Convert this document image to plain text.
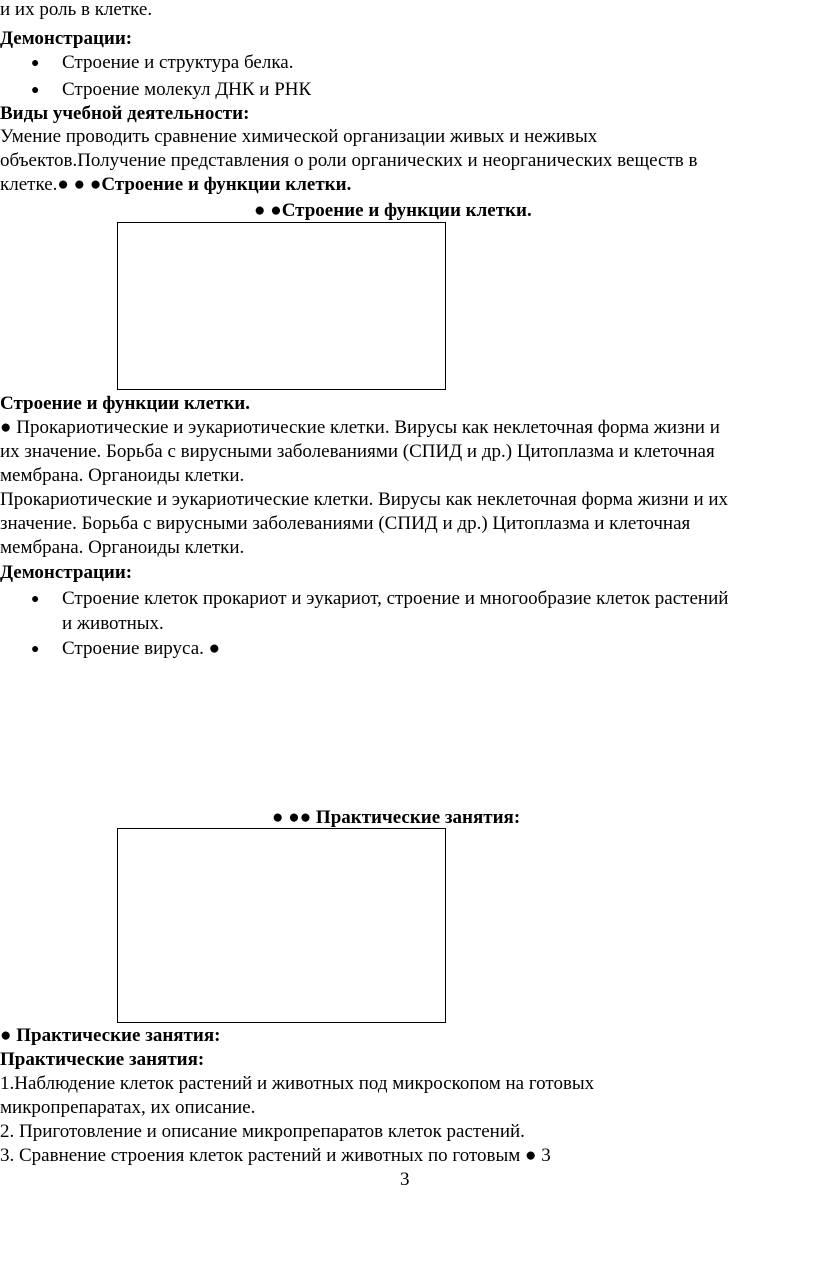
и их роль в клетке.
Демонстрации:
● Строение и структура белка.
● Строение молекул ДНК и РНК
Виды учебной деятельности:
Умение проводить сравнение химической организации живых и неживых
объектов.Получение представления о роли органических и неорганических веществ в
клетке.● ● ●Строение и функции клетки.
● ●Строение и функции клетки.
Строение и функции клетки.
● Прокариотические и эукариотические клетки. Вирусы как неклеточная форма жизни и
их значение. Борьба с вирусными заболеваниями (СПИД и др.) Цитоплазма и клеточная
мембрана. Органоиды клетки.
Прокариотические и эукариотические клетки. Вирусы как неклеточная форма жизни и их
значение. Борьба с вирусными заболеваниями (СПИД и др.) Цитоплазма и клеточная
мембрана. Органоиды клетки.
Демонстрации:
● Строение клеток прокариот и эукариот, строение и многообразие клеток растений
и животных.
● Строение вируса. ●
● ●● Практические занятия:
● Практические занятия:
Практические занятия:
1.Наблюдение клеток растений и животных под микроскопом на готовых
микропрепаратах, их описание.
2. Приготовление и описание микропрепаратов клеток растений.
3. Сравнение строения клеток растений и животных по готовым ● 3
3
